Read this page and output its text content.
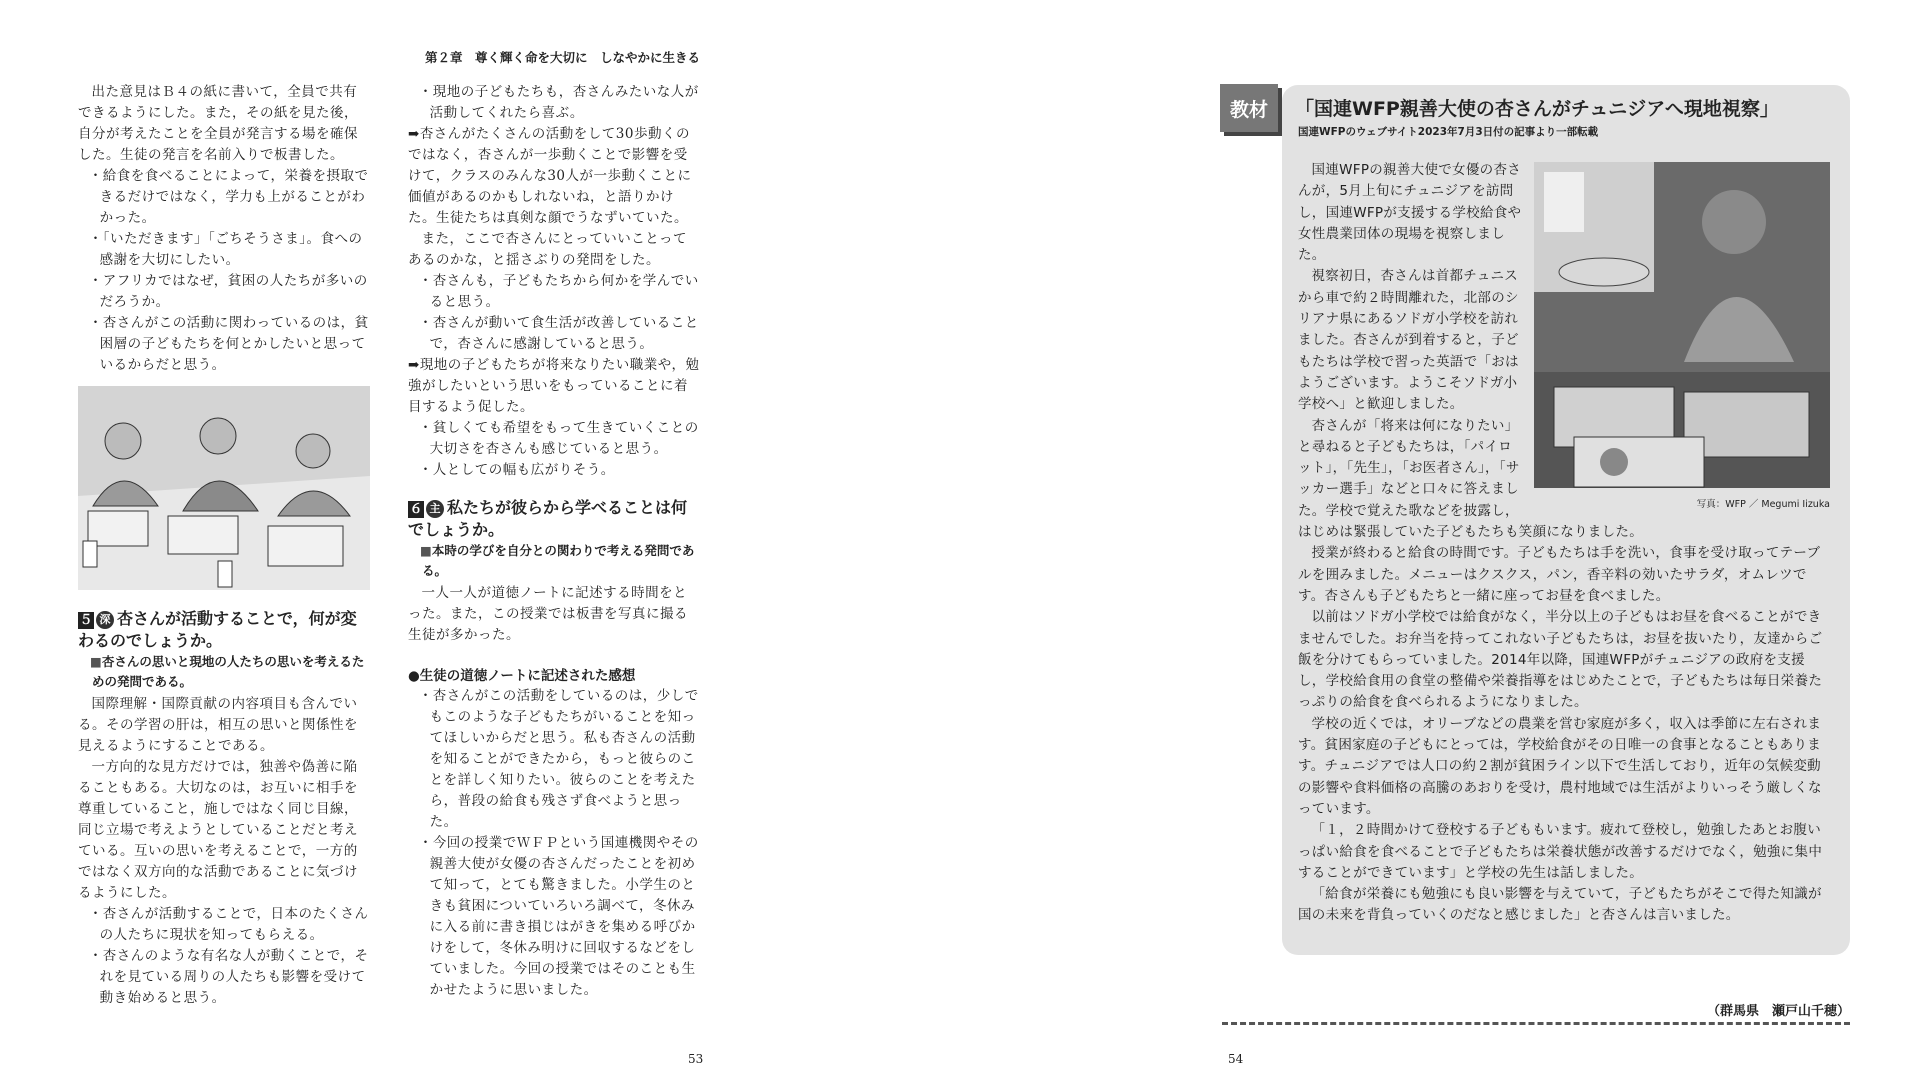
第２章　尊く輝く命を大切に　しなやかに生きる

出た意見はＢ４の紙に書いて，全員で共有できるようにした。また，その紙を見た後，自分が考えたことを全員が発言する場を確保した。生徒の発言を名前入りで板書した。

・給食を食べることによって，栄養を摂取できるだけではなく，学力も上がることがわかった。
・「いただきます」「ごちそうさま」。食への感謝を大切にしたい。
・アフリカではなぜ，貧困の人たちが多いのだろうか。
・杏さんがこの活動に関わっているのは，貧困層の子どもたちを何とかしたいと思っているからだと思う。
５ 深 杏さんが活動することで，何が変わるのでしょうか。
■ 杏さんの思いと現地の人たちの思いを考えるための発問である。

国際理解・国際貢献の内容項目も含んでいる。その学習の肝は，相互の思いと関係性を見えるようにすることである。

一方向的な見方だけでは，独善や偽善に陥ることもある。大切なのは，お互いに相手を尊重していること，施しではなく同じ目線，同じ立場で考えようとしていることだと考えている。互いの思いを考えることで，一方的ではなく双方向的な活動であることに気づけるようにした。

・杏さんが活動することで，日本のたくさんの人たちに現状を知ってもらえる。
・杏さんのような有名な人が動くことで，それを見ている周りの人たちも影響を受けて動き始めると思う。
・現地の子どもたちも，杏さんみたいな人が活動してくれたら喜ぶ。
➡ 杏さんがたくさんの活動をして30歩動くのではなく，杏さんが一歩動くことで影響を受けて，クラスのみんな30人が一歩動くことに価値があるのかもしれないね，と語りかけた。生徒たちは真剣な顔でうなずいていた。

また，ここで杏さんにとっていいことってあるのかな，と揺さぶりの発問をした。

・杏さんも，子どもたちから何かを学んでいると思う。
・杏さんが動いて食生活が改善していることで，杏さんに感謝していると思う。
➡ 現地の子どもたちが将来なりたい職業や，勉強がしたいという思いをもっていることに着目するよう促した。
・貧しくても希望をもって生きていくことの大切さを杏さんも感じていると思う。
・人としての幅も広がりそう。
６ 主 私たちが彼らから学べることは何でしょうか。
■ 本時の学びを自分との関わりで考える発問である。

一人一人が道徳ノートに記述する時間をとった。また，この授業では板書を写真に撮る生徒が多かった。

●生徒の道徳ノートに記述された感想
・杏さんがこの活動をしているのは，少しでもこのような子どもたちがいることを知ってほしいからだと思う。私も杏さんの活動を知ることができたから，もっと彼らのことを詳しく知りたい。彼らのことを考えたら，普段の給食も残さず食べようと思った。
・今回の授業でＷＦＰという国連機関やその親善大使が女優の杏さんだったことを初めて知って，とても驚きました。小学生のときも貧困についていろいろ調べて，冬休みに入る前に書き損じはがきを集める呼びかけをして，冬休み明けに回収するなどをしていました。今回の授業ではそのことも生かせたように思いました。
53
教材	「国連WFP親善大使の杏さんがチュニジアへ現地視察」
国連WFPのウェブサイト2023年7月3日付の記事より一部転載
写真：WFP ／ Megumi Iizuka

国連WFPの親善大使で女優の杏さんが，5月上旬にチュニジアを訪問し，国連WFPが支援する学校給食や女性農業団体の現場を視察しました。

視察初日，杏さんは首都チュニスから車で約２時間離れた，北部のシリアナ県にあるソドガ小学校を訪れました。杏さんが到着すると，子どもたちは学校で習った英語で「おはようございます。ようこそソドガ小学校へ」と歓迎しました。

杏さんが「将来は何になりたい」と尋ねると子どもたちは，「パイロット」，「先生」，「お医者さん」，「サッカー選手」などと口々に答えました。学校で覚えた歌などを披露し，はじめは緊張していた子どもたちも笑顔になりました。

授業が終わると給食の時間です。子どもたちは手を洗い，食事を受け取ってテーブルを囲みました。メニューはクスクス，パン，香辛料の効いたサラダ，オムレツです。杏さんも子どもたちと一緒に座ってお昼を食べました。

以前はソドガ小学校では給食がなく，半分以上の子どもはお昼を食べることができませんでした。お弁当を持ってこれない子どもたちは，お昼を抜いたり，友達からご飯を分けてもらっていました。2014年以降，国連WFPがチュニジアの政府を支援し，学校給食用の食堂の整備や栄養指導をはじめたことで，子どもたちは毎日栄養たっぷりの給食を食べられるようになりました。

学校の近くでは，オリーブなどの農業を営む家庭が多く，収入は季節に左右されます。貧困家庭の子どもにとっては，学校給食がその日唯一の食事となることもあります。チュニジアでは人口の約２割が貧困ライン以下で生活しており，近年の気候変動の影響や食料価格の高騰のあおりを受け，農村地域では生活がよりいっそう厳しくなっています。

「１，２時間かけて登校する子どももいます。疲れて登校し，勉強したあとお腹いっぱい給食を食べることで子どもたちは栄養状態が改善するだけでなく，勉強に集中することができています」と学校の先生は話しました。

「給食が栄養にも勉強にも良い影響を与えていて，子どもたちがそこで得た知識が国の未来を背負っていくのだなと感じました」と杏さんは言いました。

（群馬県　瀬戸山千穂）
54
